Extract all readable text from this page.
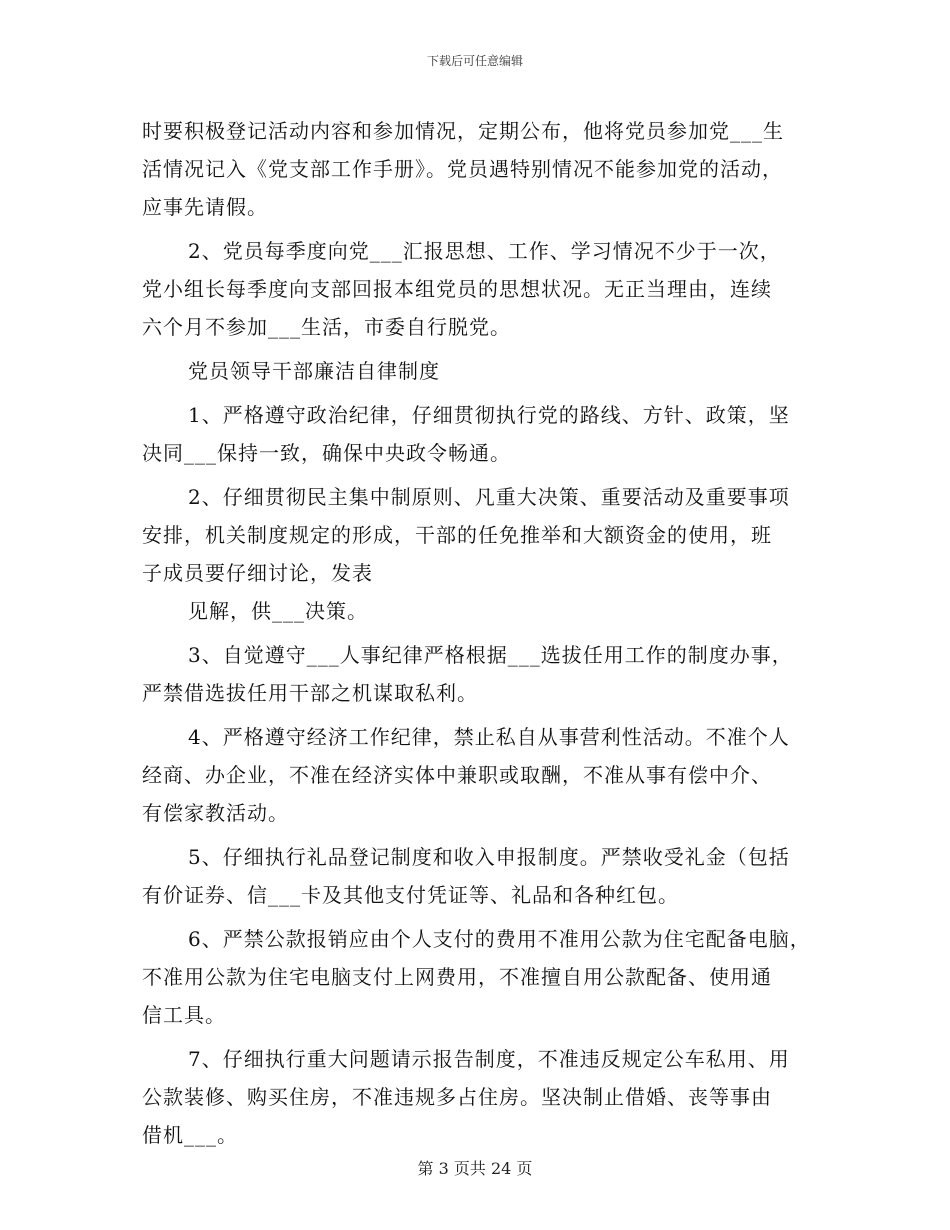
下载后可任意编辑
时要积极登记活动内容和参加情况，定期公布，他将党员参加党___生
活情况记入《党支部工作手册》。党员遇特别情况不能参加党的活动，
应事先请假。
2、党员每季度向党___汇报思想、工作、学习情况不少于一次，
党小组长每季度向支部回报本组党员的思想状况。无正当理由，连续
六个月不参加___生活，市委自行脱党。
党员领导干部廉洁自律制度
1、严格遵守政治纪律，仔细贯彻执行党的路线、方针、政策，坚
决同___保持一致，确保中央政令畅通。
2、仔细贯彻民主集中制原则、凡重大决策、重要活动及重要事项
安排，机关制度规定的形成，干部的任免推举和大额资金的使用，班
子成员要仔细讨论，发表
见解，供___决策。
3、自觉遵守___人事纪律严格根据___选拔任用工作的制度办事，
严禁借选拔任用干部之机谋取私利。
4、严格遵守经济工作纪律，禁止私自从事营利性活动。不准个人
经商、办企业，不准在经济实体中兼职或取酬，不准从事有偿中介、
有偿家教活动。
5、仔细执行礼品登记制度和收入申报制度。严禁收受礼金（包括
有价证券、信___卡及其他支付凭证等、礼品和各种红包。
6、严禁公款报销应由个人支付的费用不准用公款为住宅配备电脑，
不准用公款为住宅电脑支付上网费用，不准擅自用公款配备、使用通
信工具。
7、仔细执行重大问题请示报告制度，不准违反规定公车私用、用
公款装修、购买住房，不准违规多占住房。坚决制止借婚、丧等事由
借机___。
第 3 页共 24 页
